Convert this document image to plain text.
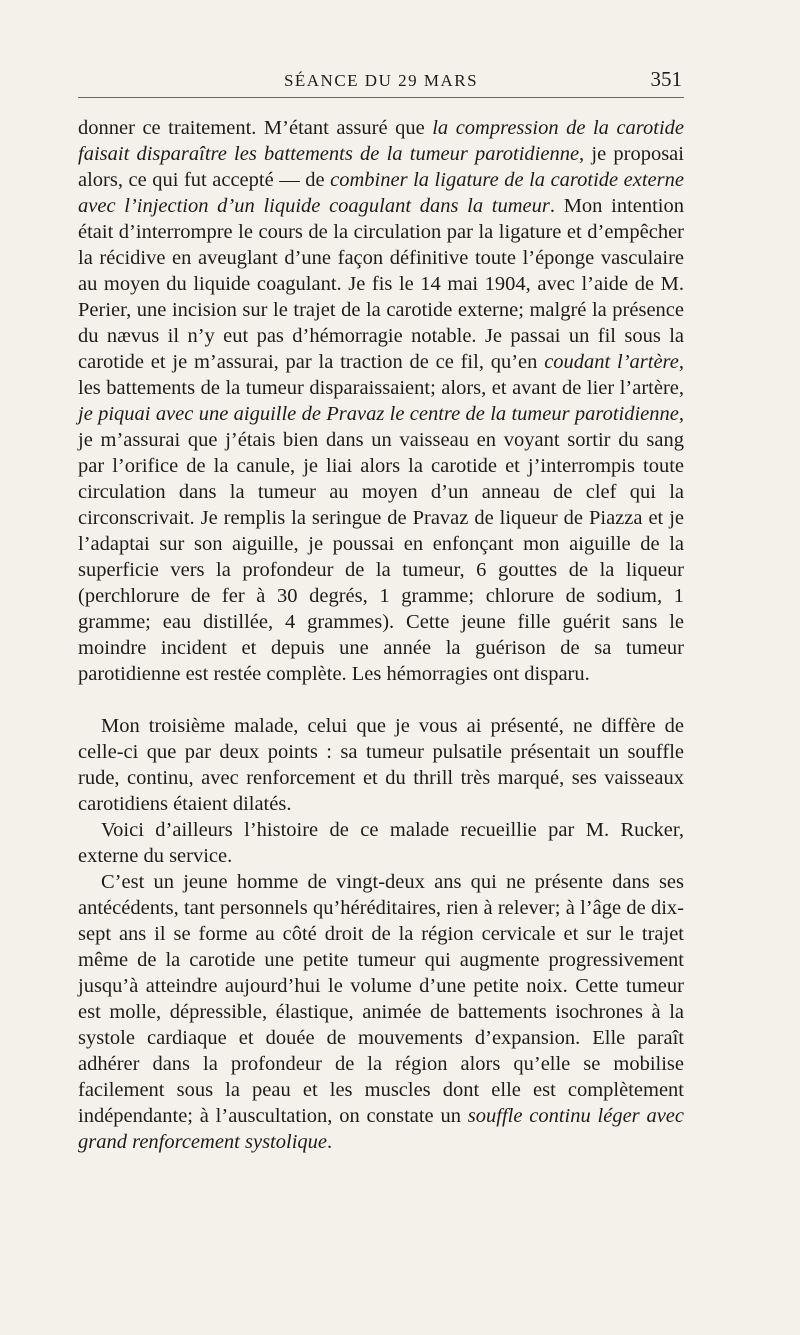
SÉANCE DU 29 MARS	351

donner ce traitement. M’étant assuré que la compression de la carotide faisait disparaître les battements de la tumeur parotidienne, je proposai alors, ce qui fut accepté — de combiner la ligature de la carotide externe avec l’injection d’un liquide coagulant dans la tumeur. Mon intention était d’interrompre le cours de la circulation par la ligature et d’empêcher la récidive en aveuglant d’une façon définitive toute l’éponge vasculaire au moyen du liquide coagulant. Je fis le 14 mai 1904, avec l’aide de M. Perier, une incision sur le trajet de la carotide externe; malgré la présence du nævus il n’y eut pas d’hémorragie notable. Je passai un fil sous la carotide et je m’assurai, par la traction de ce fil, qu’en coudant l’artère, les battements de la tumeur disparaissaient; alors, et avant de lier l’artère, je piquai avec une aiguille de Pravaz le centre de la tumeur parotidienne, je m’assurai que j’étais bien dans un vaisseau en voyant sortir du sang par l’orifice de la canule, je liai alors la carotide et j’interrompis toute circulation dans la tumeur au moyen d’un anneau de clef qui la circonscrivait. Je remplis la seringue de Pravaz de liqueur de Piazza et je l’adaptai sur son aiguille, je poussai en enfonçant mon aiguille de la superficie vers la profondeur de la tumeur, 6 gouttes de la liqueur (perchlorure de fer à 30 degrés, 1 gramme; chlorure de sodium, 1 gramme; eau distillée, 4 grammes). Cette jeune fille guérit sans le moindre incident et depuis une année la guérison de sa tumeur parotidienne est restée complète. Les hémorragies ont disparu.

Mon troisième malade, celui que je vous ai présenté, ne diffère de celle-ci que par deux points : sa tumeur pulsatile présentait un souffle rude, continu, avec renforcement et du thrill très marqué, ses vaisseaux carotidiens étaient dilatés.

Voici d’ailleurs l’histoire de ce malade recueillie par M. Rucker, externe du service.

C’est un jeune homme de vingt-deux ans qui ne présente dans ses antécédents, tant personnels qu’héréditaires, rien à relever; à l’âge de dix-sept ans il se forme au côté droit de la région cervicale et sur le trajet même de la carotide une petite tumeur qui augmente progressivement jusqu’à atteindre aujourd’hui le volume d’une petite noix. Cette tumeur est molle, dépressible, élastique, animée de battements isochrones à la systole cardiaque et douée de mouvements d’expansion. Elle paraît adhérer dans la profondeur de la région alors qu’elle se mobilise facilement sous la peau et les muscles dont elle est complètement indépendante; à l’auscultation, on constate un souffle continu léger avec grand renforcement systolique.
